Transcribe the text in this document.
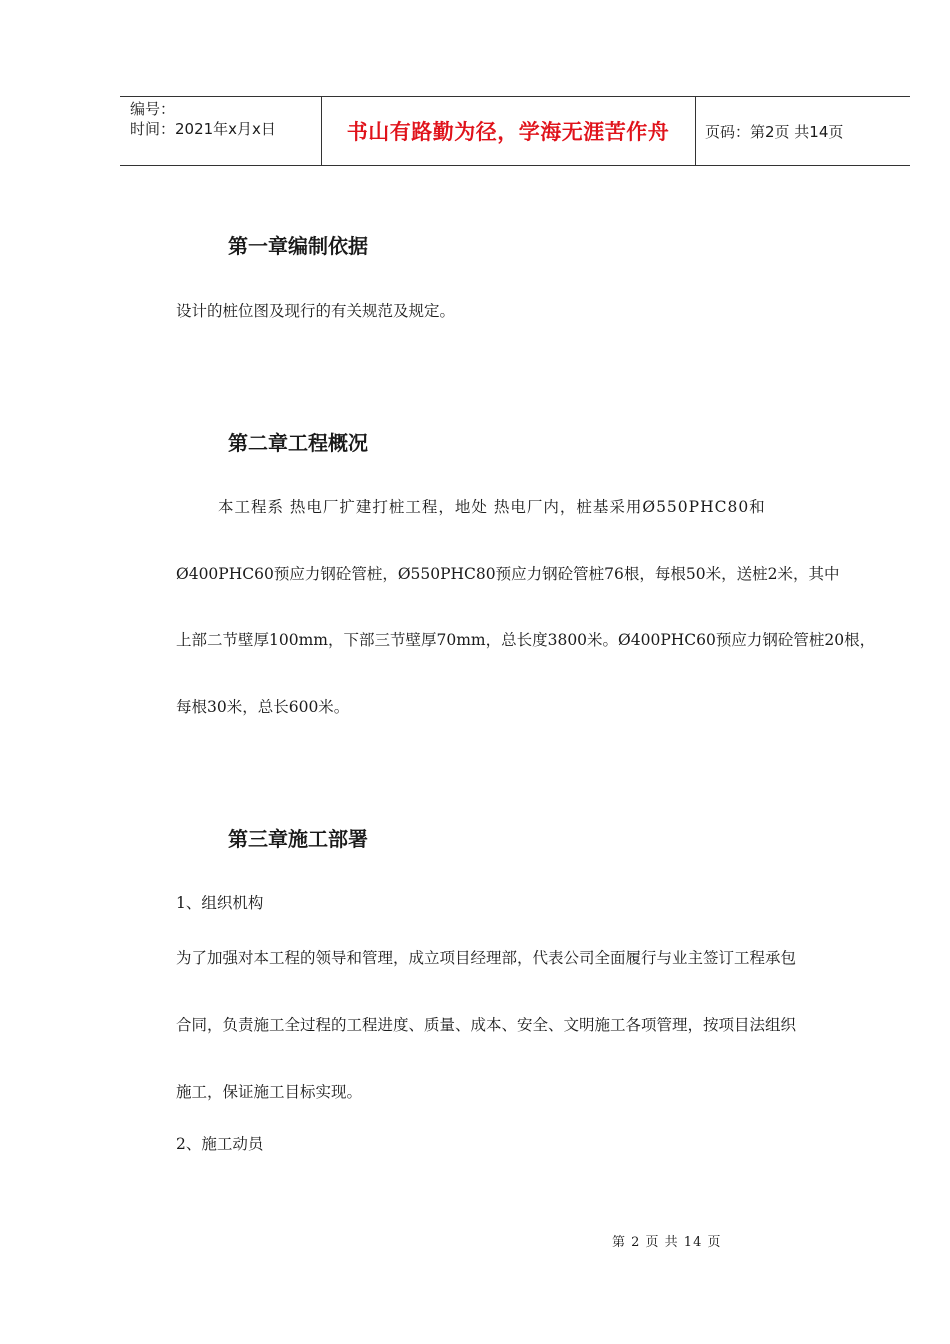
编号：
时间：2021年x月x日	书山有路勤为径，学海无涯苦作舟	页码：第2页 共14页
第一章编制依据
设计的桩位图及现行的有关规范及规定。
第二章工程概况
本工程系 热电厂扩建打桩工程，地处 热电厂内，桩基采用Ø550PHC80和
Ø400PHC60预应力钢砼管桩，Ø550PHC80预应力钢砼管桩76根，每根50米，送桩2米，其中
上部二节壁厚100mm，下部三节壁厚70mm，总长度3800米。Ø400PHC60预应力钢砼管桩20根，
每根30米，总长600米。
第三章施工部署
1、组织机构
为了加强对本工程的领导和管理，成立项目经理部，代表公司全面履行与业主签订工程承包
合同，负责施工全过程的工程进度、质量、成本、安全、文明施工各项管理，按项目法组织
施工，保证施工目标实现。
2、施工动员
第 2 页 共 14 页
